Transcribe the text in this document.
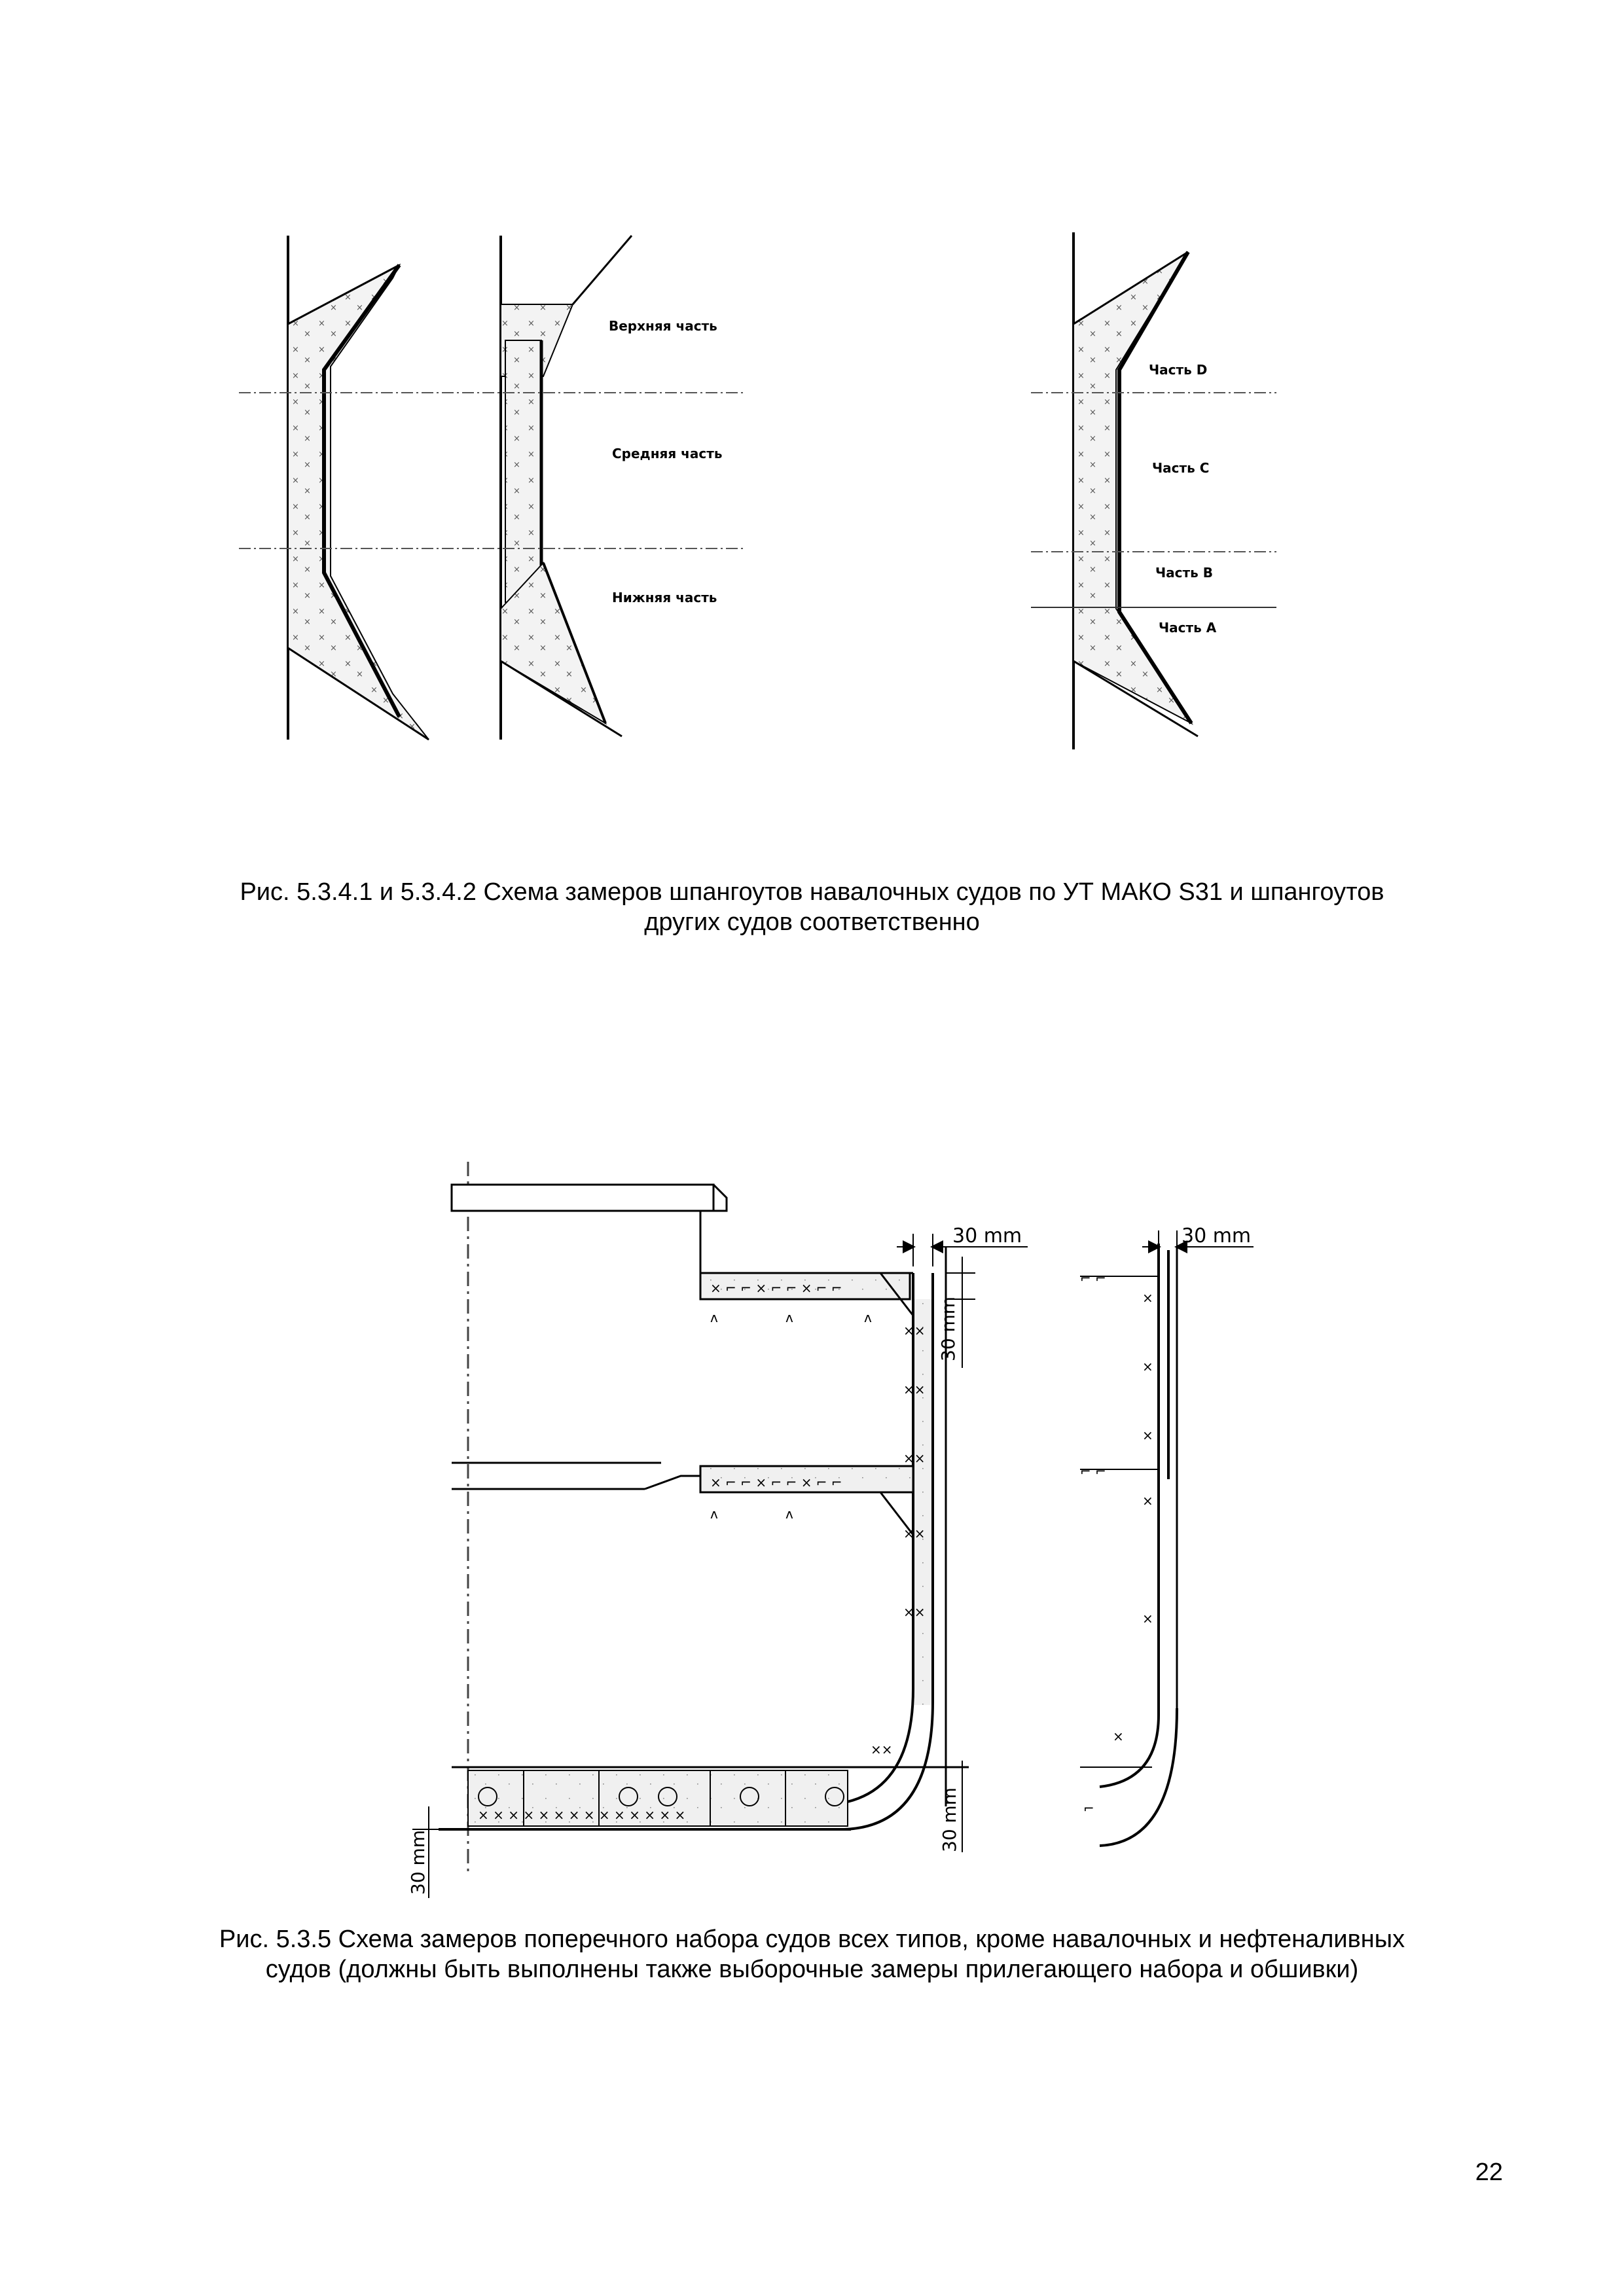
Верхняя часть
Средняя часть
Нижняя часть
Часть D
Часть C
Часть B
Часть A
Рис. 5.3.4.1 и 5.3.4.2 Схема замеров шпангоутов навалочных судов по УТ МАКО S31 и шпангоутов
других судов соответственно
30 mm	30 mm
30 mm
30 mm
30 mm
× ⌐ ⌐ × ⌐ ⌐ × ⌐ ⌐
ʌ	ʌ	ʌ
××
××
××
× ⌐ ⌐ × ⌐ ⌐ × ⌐ ⌐
ʌ	ʌ
××
××
××
× × × × × × × × × × × × × ×
×
×
×
×
×
×
⌐ ⌐
⌐ ⌐
⌐
Рис. 5.3.5 Схема замеров поперечного набора судов всех типов, кроме навалочных и нефтеналивных
судов (должны быть выполнены также выборочные замеры прилегающего набора и обшивки)
22
